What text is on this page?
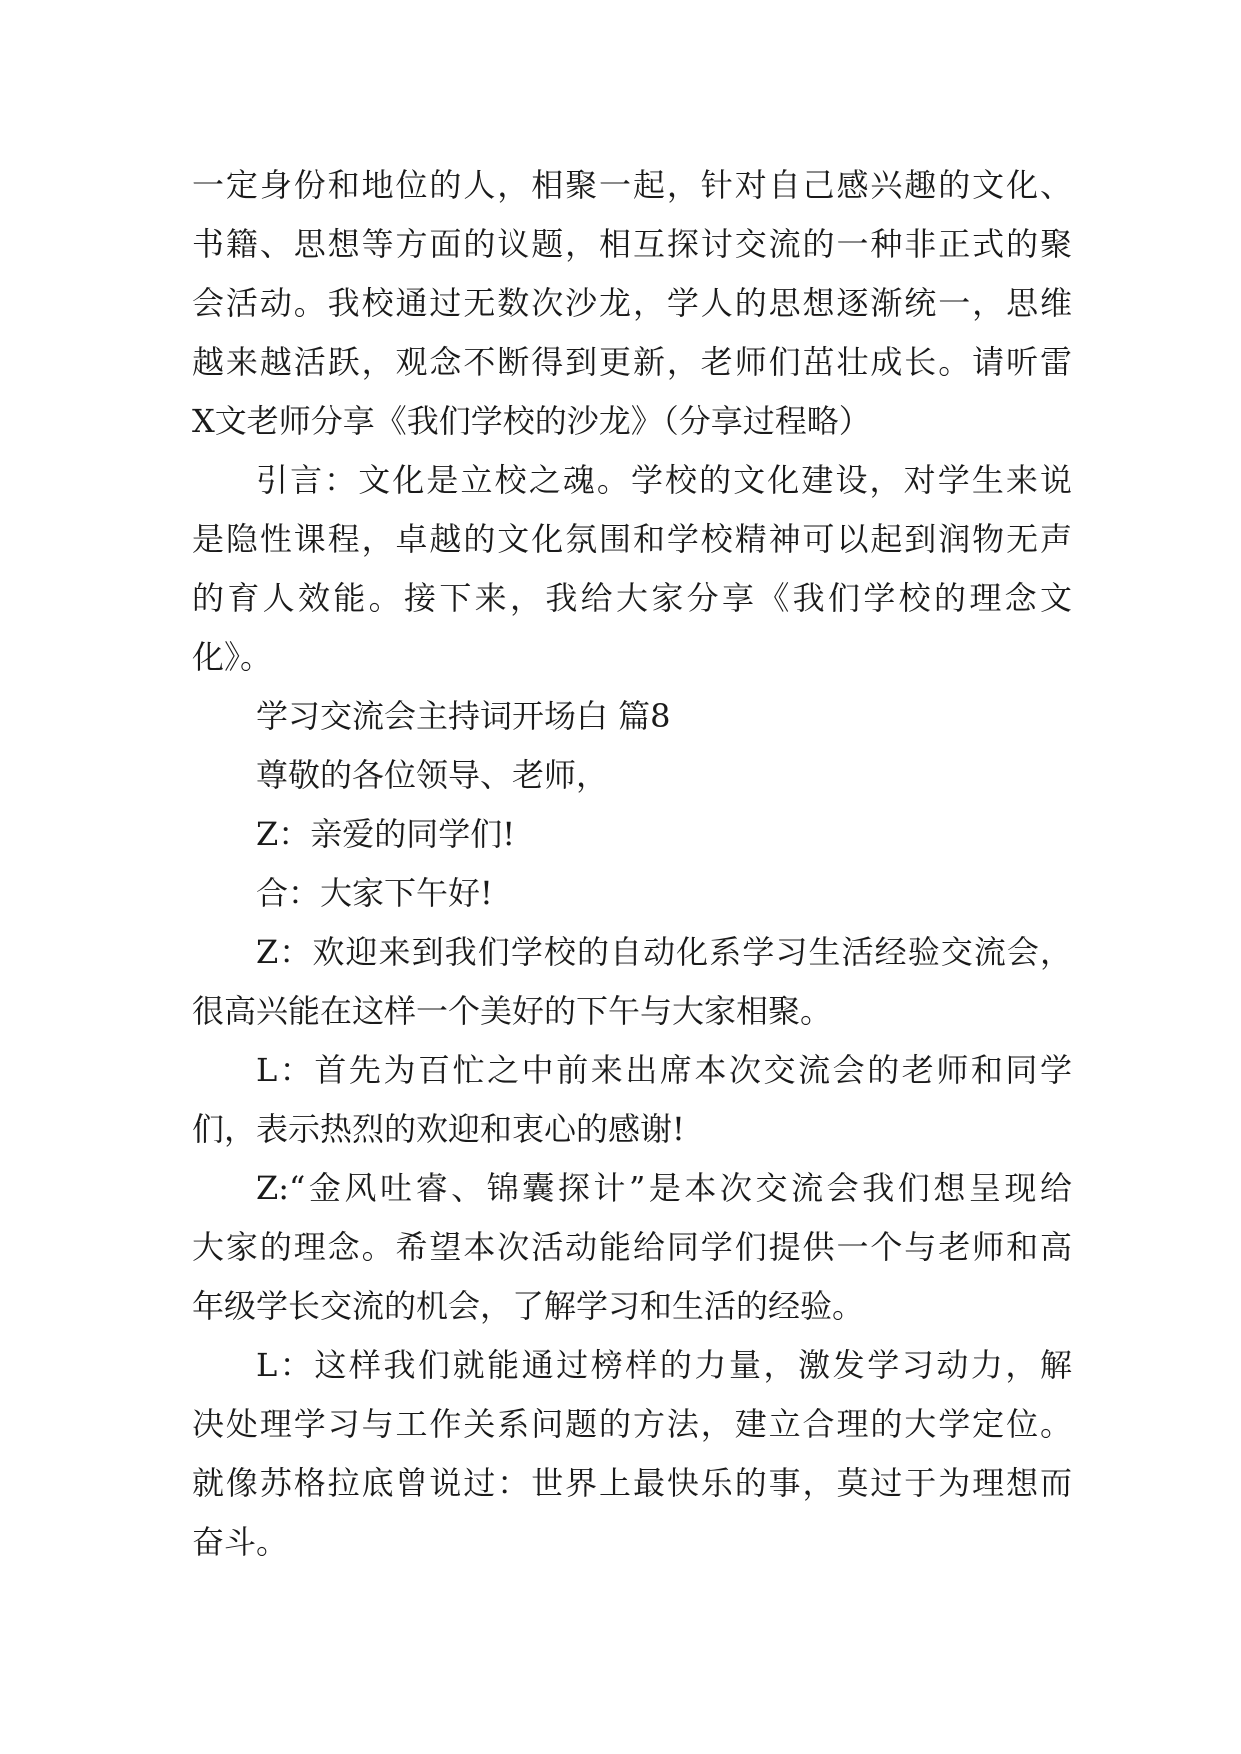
一定身份和地位的人，相聚一起，针对自己感兴趣的文化、
书籍、思想等方面的议题，相互探讨交流的一种非正式的聚
会活动。我校通过无数次沙龙，学人的思想逐渐统一，思维
越来越活跃，观念不断得到更新，老师们茁壮成长。请听雷
X文老师分享《我们学校的沙龙》（分享过程略）
引言：文化是立校之魂。学校的文化建设，对学生来说
是隐性课程，卓越的文化氛围和学校精神可以起到润物无声
的育人效能。接下来，我给大家分享《我们学校的理念文
化》。
学习交流会主持词开场白 篇8
尊敬的各位领导、老师，
Z：亲爱的同学们!
合：大家下午好!
Z：欢迎来到我们学校的自动化系学习生活经验交流会，
很高兴能在这样一个美好的下午与大家相聚。
L：首先为百忙之中前来出席本次交流会的老师和同学
们，表示热烈的欢迎和衷心的感谢!
Z:“金风吐睿、锦囊探计”是本次交流会我们想呈现给
大家的理念。希望本次活动能给同学们提供一个与老师和高
年级学长交流的机会，了解学习和生活的经验。
L：这样我们就能通过榜样的力量，激发学习动力，解
决处理学习与工作关系问题的方法，建立合理的大学定位。
就像苏格拉底曾说过：世界上最快乐的事，莫过于为理想而
奋斗。
